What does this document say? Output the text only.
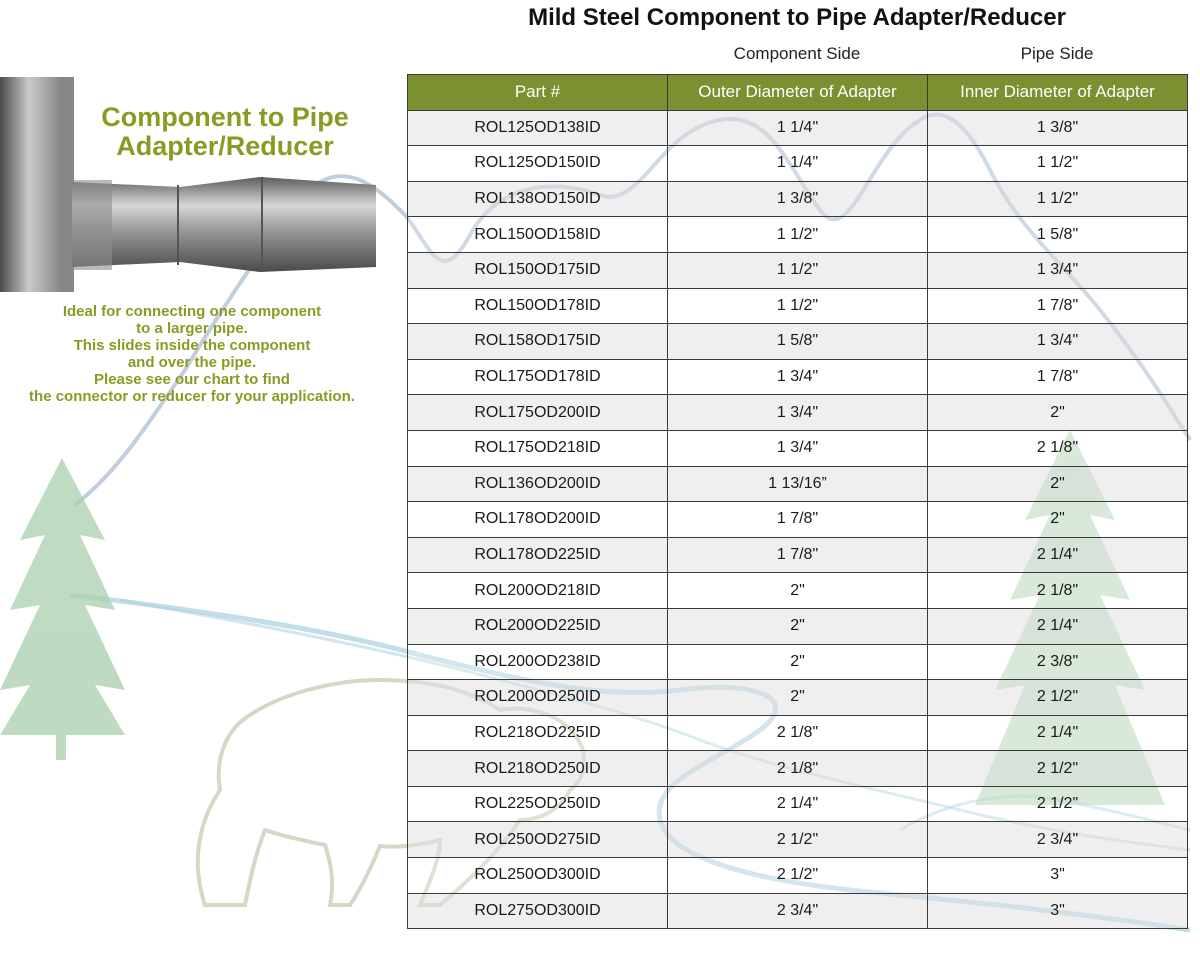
Mild Steel Component to Pipe Adapter/Reducer
Component Side	Pipe Side
Component to Pipe
Adapter/Reducer
Ideal for connecting one component
to a larger pipe.
This slides inside the component
and over the pipe.
Please see our chart to find
the connector or reducer for your application.
Part #	Outer Diameter of Adapter	Inner Diameter of Adapter
ROL125OD138ID	1 1/4"	1 3/8"
ROL125OD150ID	1 1/4"	1 1/2"
ROL138OD150ID	1 3/8"	1 1/2"
ROL150OD158ID	1 1/2"	1 5/8"
ROL150OD175ID	1 1/2"	1 3/4"
ROL150OD178ID	1 1/2"	1 7/8"
ROL158OD175ID	1 5/8"	1 3/4"
ROL175OD178ID	1 3/4"	1 7/8"
ROL175OD200ID	1 3/4"	2"
ROL175OD218ID	1 3/4"	2 1/8"
ROL136OD200ID	1 13/16”	2"
ROL178OD200ID	1 7/8"	2"
ROL178OD225ID	1 7/8"	2 1/4"
ROL200OD218ID	2"	2 1/8"
ROL200OD225ID	2"	2 1/4"
ROL200OD238ID	2"	2 3/8"
ROL200OD250ID	2"	2 1/2"
ROL218OD225ID	2 1/8"	2 1/4"
ROL218OD250ID	2 1/8"	2 1/2"
ROL225OD250ID	2 1/4"	2 1/2"
ROL250OD275ID	2 1/2"	2 3/4"
ROL250OD300ID	2 1/2"	3"
ROL275OD300ID	2 3/4"	3"
